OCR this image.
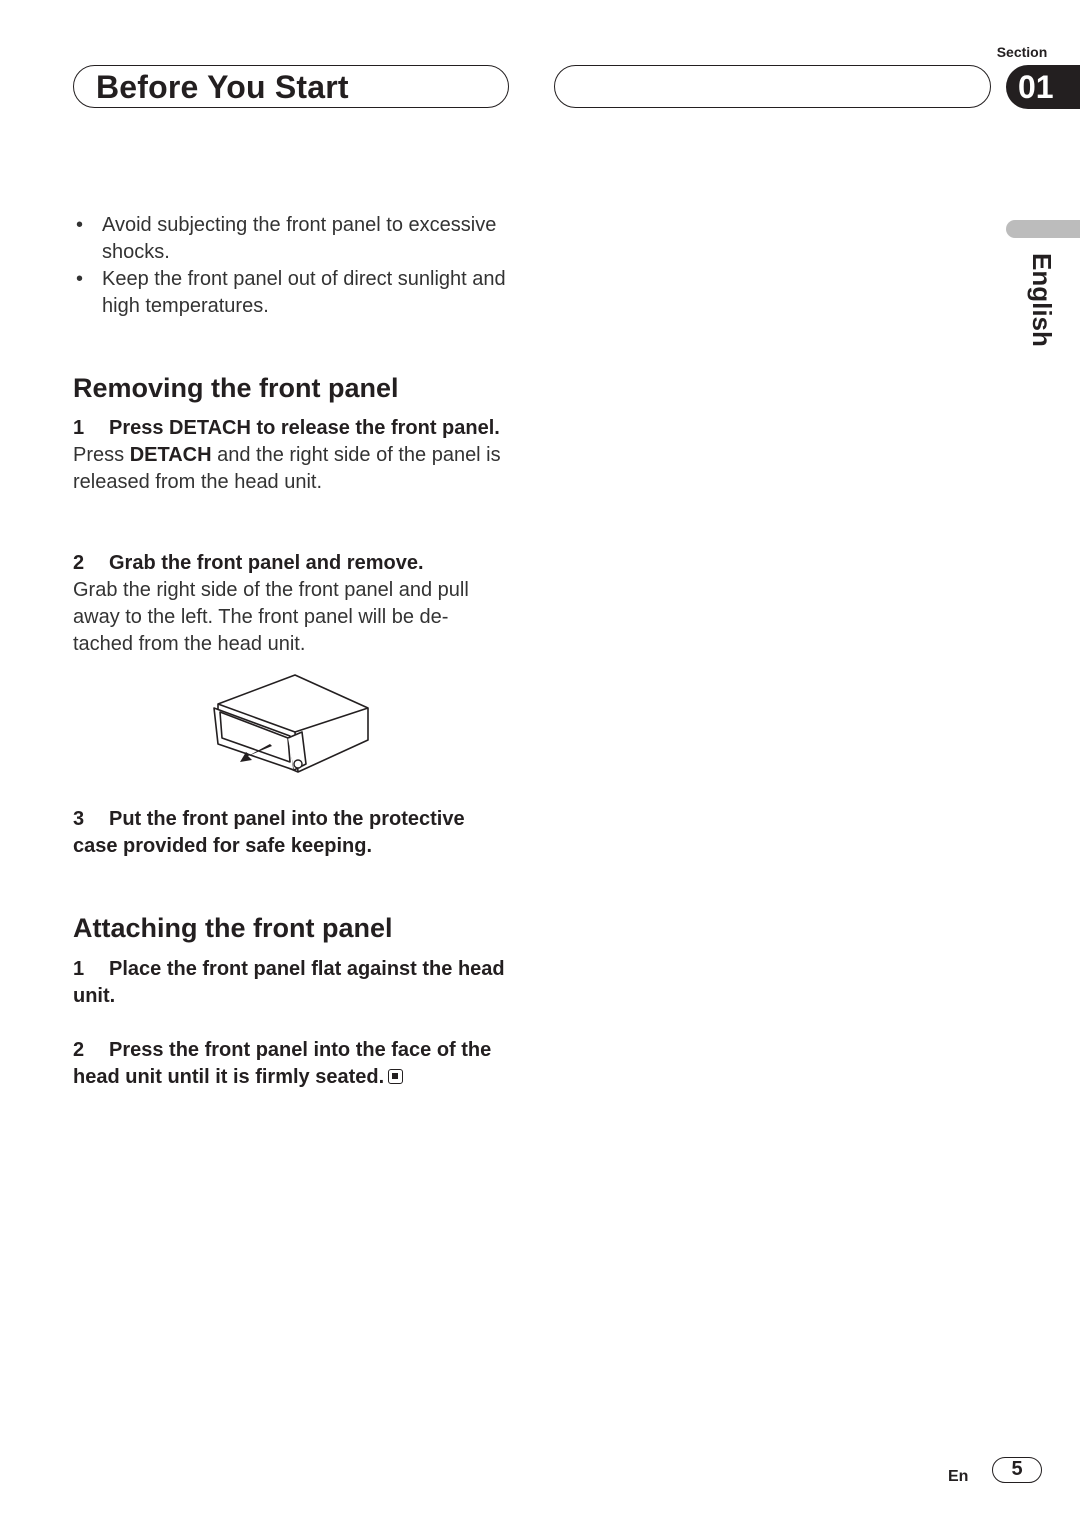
Before You Start
Section
01
English
• Avoid subjecting the front panel to excessive shocks.
• Keep the front panel out of direct sunlight and high temperatures.
Removing the front panel
1 Press DETACH to release the front panel.
Press DETACH and the right side of the panel is released from the head unit.
2 Grab the front panel and remove.
Grab the right side of the front panel and pull away to the left. The front panel will be de- tached from the head unit.
3 Put the front panel into the protective case provided for safe keeping.
Attaching the front panel
1 Place the front panel flat against the head unit.
2 Press the front panel into the face of the head unit until it is firmly seated.
En	5
